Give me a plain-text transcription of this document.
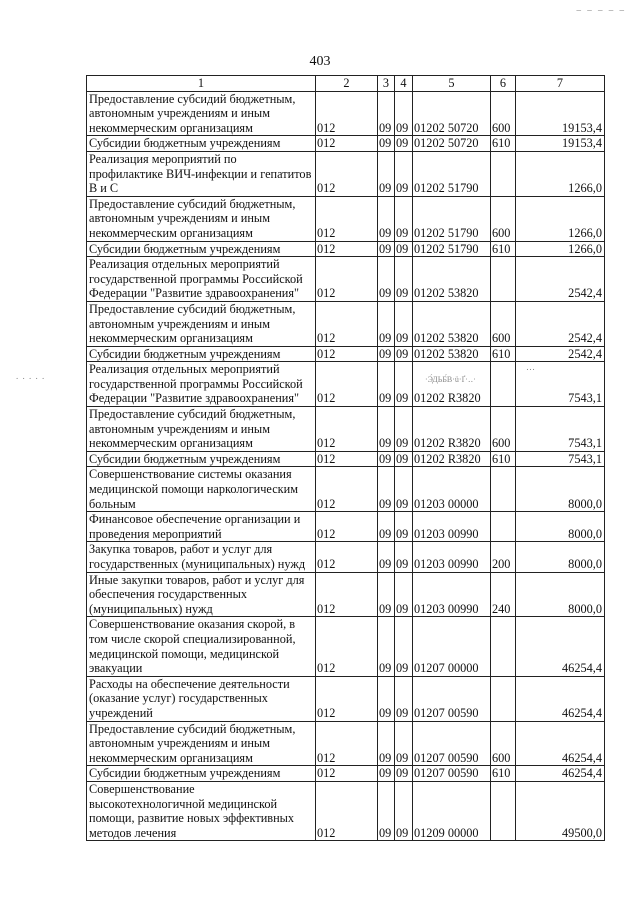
_ _ _ _ _
403
. . . . .	·Э́ДЬБ́В·ü·Ґ·‥·
…
1	2	3	4	5	6	7
Предоставление субсидий бюджетным, автономным учреждениям и иным некоммерческим организациям	012	09	09	01202 50720	600	19153,4
Субсидии бюджетным учреждениям	012	09	09	01202 50720	610	19153,4
Реализация мероприятий по профилактике ВИЧ-инфекции и гепатитов В и С	012	09	09	01202 51790		1266,0
Предоставление субсидий бюджетным, автономным учреждениям и иным некоммерческим организациям	012	09	09	01202 51790	600	1266,0
Субсидии бюджетным учреждениям	012	09	09	01202 51790	610	1266,0
Реализация отдельных мероприятий государственной программы Российской Федерации "Развитие здравоохранения"	012	09	09	01202 53820		2542,4
Предоставление субсидий бюджетным, автономным учреждениям и иным некоммерческим организациям	012	09	09	01202 53820	600	2542,4
Субсидии бюджетным учреждениям	012	09	09	01202 53820	610	2542,4
Реализация отдельных мероприятий государственной программы Российской Федерации "Развитие здравоохранения"	012	09	09	01202 R3820		7543,1
Предоставление субсидий бюджетным, автономным учреждениям и иным некоммерческим организациям	012	09	09	01202 R3820	600	7543,1
Субсидии бюджетным учреждениям	012	09	09	01202 R3820	610	7543,1
Совершенствование системы оказания медицинской помощи наркологическим больным	012	09	09	01203 00000		8000,0
Финансовое обеспечение организации и проведения мероприятий	012	09	09	01203 00990		8000,0
Закупка товаров, работ и услуг для государственных (муниципальных) нужд	012	09	09	01203 00990	200	8000,0
Иные закупки товаров, работ и услуг для обеспечения государственных (муниципальных) нужд	012	09	09	01203 00990	240	8000,0
Совершенствование оказания скорой, в том числе скорой специализированной, медицинской помощи, медицинской эвакуации	012	09	09	01207 00000		46254,4
Расходы на обеспечение деятельности (оказание услуг) государственных учреждений	012	09	09	01207 00590		46254,4
Предоставление субсидий бюджетным, автономным учреждениям и иным некоммерческим организациям	012	09	09	01207 00590	600	46254,4
Субсидии бюджетным учреждениям	012	09	09	01207 00590	610	46254,4
Совершенствование высокотехнологичной медицинской помощи, развитие новых эффективных методов лечения	012	09	09	01209 00000		49500,0
